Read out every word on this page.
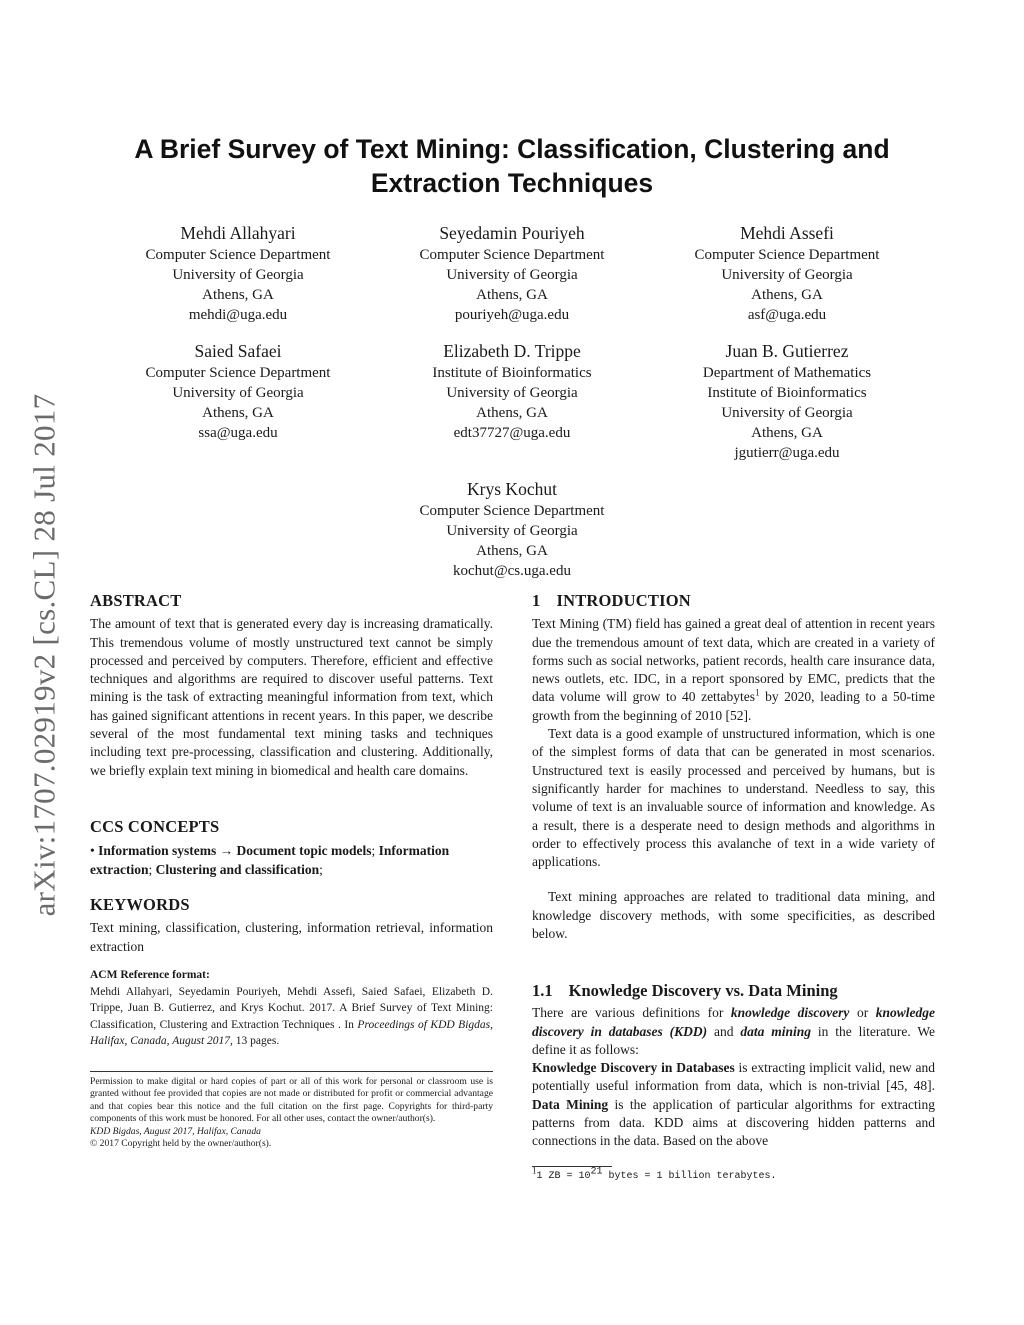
arXiv:1707.02919v2 [cs.CL] 28 Jul 2017
A Brief Survey of Text Mining: Classification, Clustering and Extraction Techniques
Mehdi Allahyari
Computer Science Department
University of Georgia
Athens, GA
mehdi@uga.edu
Seyedamin Pouriyeh
Computer Science Department
University of Georgia
Athens, GA
pouriyeh@uga.edu
Mehdi Assefi
Computer Science Department
University of Georgia
Athens, GA
asf@uga.edu
Saied Safaei
Computer Science Department
University of Georgia
Athens, GA
ssa@uga.edu
Elizabeth D. Trippe
Institute of Bioinformatics
University of Georgia
Athens, GA
edt37727@uga.edu
Juan B. Gutierrez
Department of Mathematics
Institute of Bioinformatics
University of Georgia
Athens, GA
jgutierr@uga.edu
Krys Kochut
Computer Science Department
University of Georgia
Athens, GA
kochut@cs.uga.edu
ABSTRACT

The amount of text that is generated every day is increasing dramatically. This tremendous volume of mostly unstructured text cannot be simply processed and perceived by computers. Therefore, efficient and effective techniques and algorithms are required to discover useful patterns. Text mining is the task of extracting meaningful information from text, which has gained significant attentions in recent years. In this paper, we describe several of the most fundamental text mining tasks and techniques including text pre-processing, classification and clustering. Additionally, we briefly explain text mining in biomedical and health care domains.

CCS CONCEPTS

• Information systems → Document topic models; Information extraction; Clustering and classification;

KEYWORDS

Text mining, classification, clustering, information retrieval, information extraction

ACM Reference format:

Mehdi Allahyari, Seyedamin Pouriyeh, Mehdi Assefi, Saied Safaei, Elizabeth D. Trippe, Juan B. Gutierrez, and Krys Kochut. 2017. A Brief Survey of Text Mining: Classification, Clustering and Extraction Techniques . In Proceedings of KDD Bigdas, Halifax, Canada, August 2017, 13 pages.

Permission to make digital or hard copies of part or all of this work for personal or classroom use is granted without fee provided that copies are not made or distributed for profit or commercial advantage and that copies bear this notice and the full citation on the first page. Copyrights for third-party components of this work must be honored. For all other uses, contact the owner/author(s).

KDD Bigdas, August 2017, Halifax, Canada

© 2017 Copyright held by the owner/author(s).

1 INTRODUCTION

Text Mining (TM) field has gained a great deal of attention in recent years due the tremendous amount of text data, which are created in a variety of forms such as social networks, patient records, health care insurance data, news outlets, etc. IDC, in a report sponsored by EMC, predicts that the data volume will grow to 40 zettabytes$^1$ by 2020, leading to a 50-time growth from the beginning of 2010 [52].

Text data is a good example of unstructured information, which is one of the simplest forms of data that can be generated in most scenarios. Unstructured text is easily processed and perceived by humans, but is significantly harder for machines to understand. Needless to say, this volume of text is an invaluable source of information and knowledge. As a result, there is a desperate need to design methods and algorithms in order to effectively process this avalanche of text in a wide variety of applications.

Text mining approaches are related to traditional data mining, and knowledge discovery methods, with some specificities, as described below.

1.1 Knowledge Discovery vs. Data Mining

There are various definitions for knowledge discovery or knowledge discovery in databases (KDD) and data mining in the literature. We define it as follows:

Knowledge Discovery in Databases is extracting implicit valid, new and potentially useful information from data, which is non-trivial [45, 48]. Data Mining is the application of particular algorithms for extracting patterns from data. KDD aims at discovering hidden patterns and connections in the data. Based on the above

$^1$1 ZB = $10^{21}$ bytes = 1 billion terabytes.
